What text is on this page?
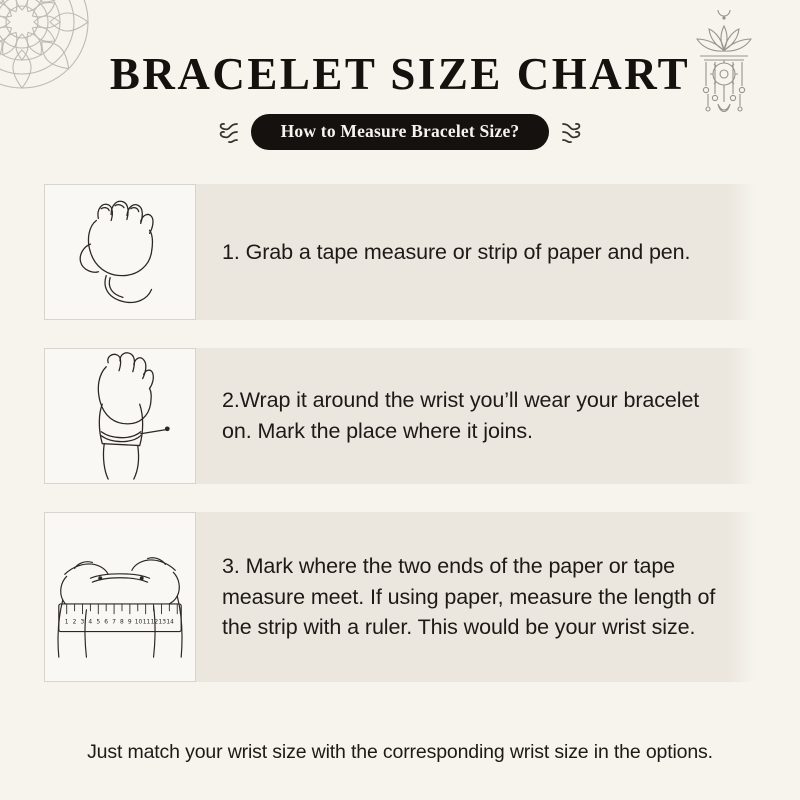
BRACELET SIZE CHART
How to Measure Bracelet Size?
1. Grab a tape measure or strip of paper and pen.
2.Wrap it around the wrist you’ll wear your bracelet on. Mark the place where it joins.
1 2 3 4 5 6 7 8 9 10 11 12 13 14
3. Mark where the two ends of the paper or tape measure meet. If using paper, measure the length of the strip with a ruler. This would be your wrist size.
Just match your wrist size with the corresponding wrist size in the options.
